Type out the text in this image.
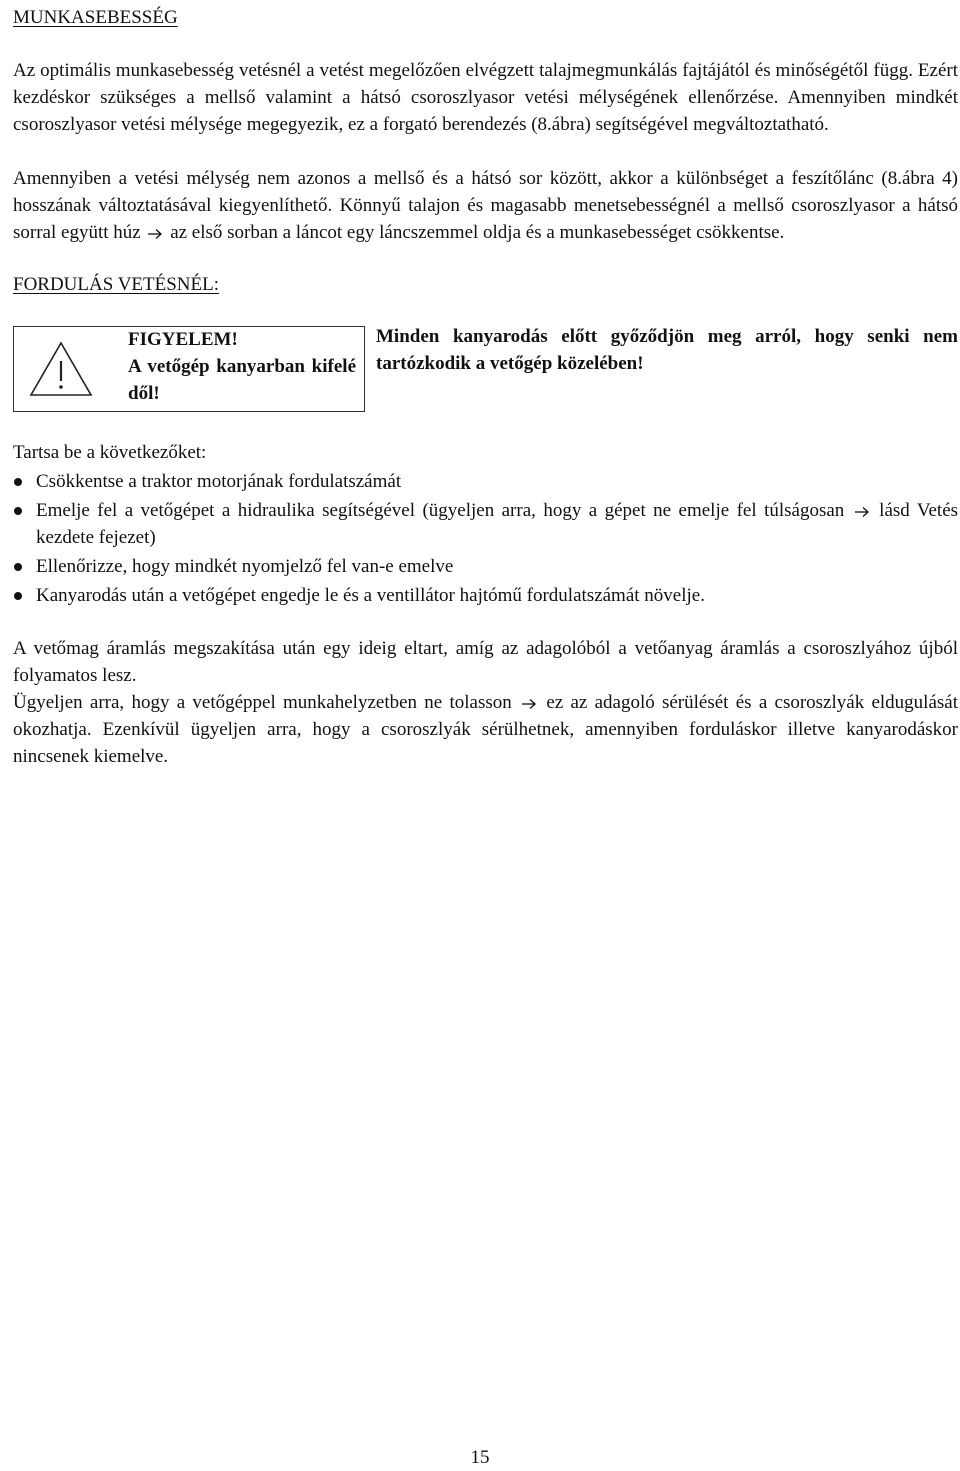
MUNKASEBESSÉG

Az optimális munkasebesség vetésnél a vetést megelőzően elvégzett talajmegmunkálás fajtájától és minőségétől függ. Ezért kezdéskor szükséges a mellső valamint a hátsó csoroszlyasor vetési mélységének ellenőrzése. Amennyiben mindkét csoroszlyasor vetési mélysége megegyezik, ez a forgató berendezés (8.ábra) segítségével megváltoztatható.

Amennyiben a vetési mélység nem azonos a mellső és a hátsó sor között, akkor a különbséget a feszítőlánc (8.ábra 4) hosszának változtatásával kiegyenlíthető. Könnyű talajon és magasabb menetsebességnél a mellső csoroszlyasor a hátsó sorral együtt húz az első sorban a láncot egy láncszemmel oldja és a munkasebességet csökkentse.

FORDULÁS VETÉSNÉL:
FIGYELEM!
A vetőgép kanyarban kifelé dől!
Minden kanyarodás előtt győződjön meg arról, hogy senki nem tartózkodik a vetőgép közelében!

Tartsa be a következőket:

Csökkentse a traktor motorjának fordulatszámát
Emelje fel a vetőgépet a hidraulika segítségével (ügyeljen arra, hogy a gépet ne emelje fel túlságosan lásd Vetés kezdete fejezet)
Ellenőrizze, hogy mindkét nyomjelző fel van-e emelve
Kanyarodás után a vetőgépet engedje le és a ventillátor hajtómű fordulatszámát növelje.

A vetőmag áramlás megszakítása után egy ideig eltart, amíg az adagolóból a vetőanyag áramlás a csoroszlyához újból folyamatos lesz.

Ügyeljen arra, hogy a vetőgéppel munkahelyzetben ne tolasson ez az adagoló sérülését és a csoroszlyák eldugulását okozhatja. Ezenkívül ügyeljen arra, hogy a csoroszlyák sérülhetnek, amennyiben forduláskor illetve kanyarodáskor nincsenek kiemelve.

15
